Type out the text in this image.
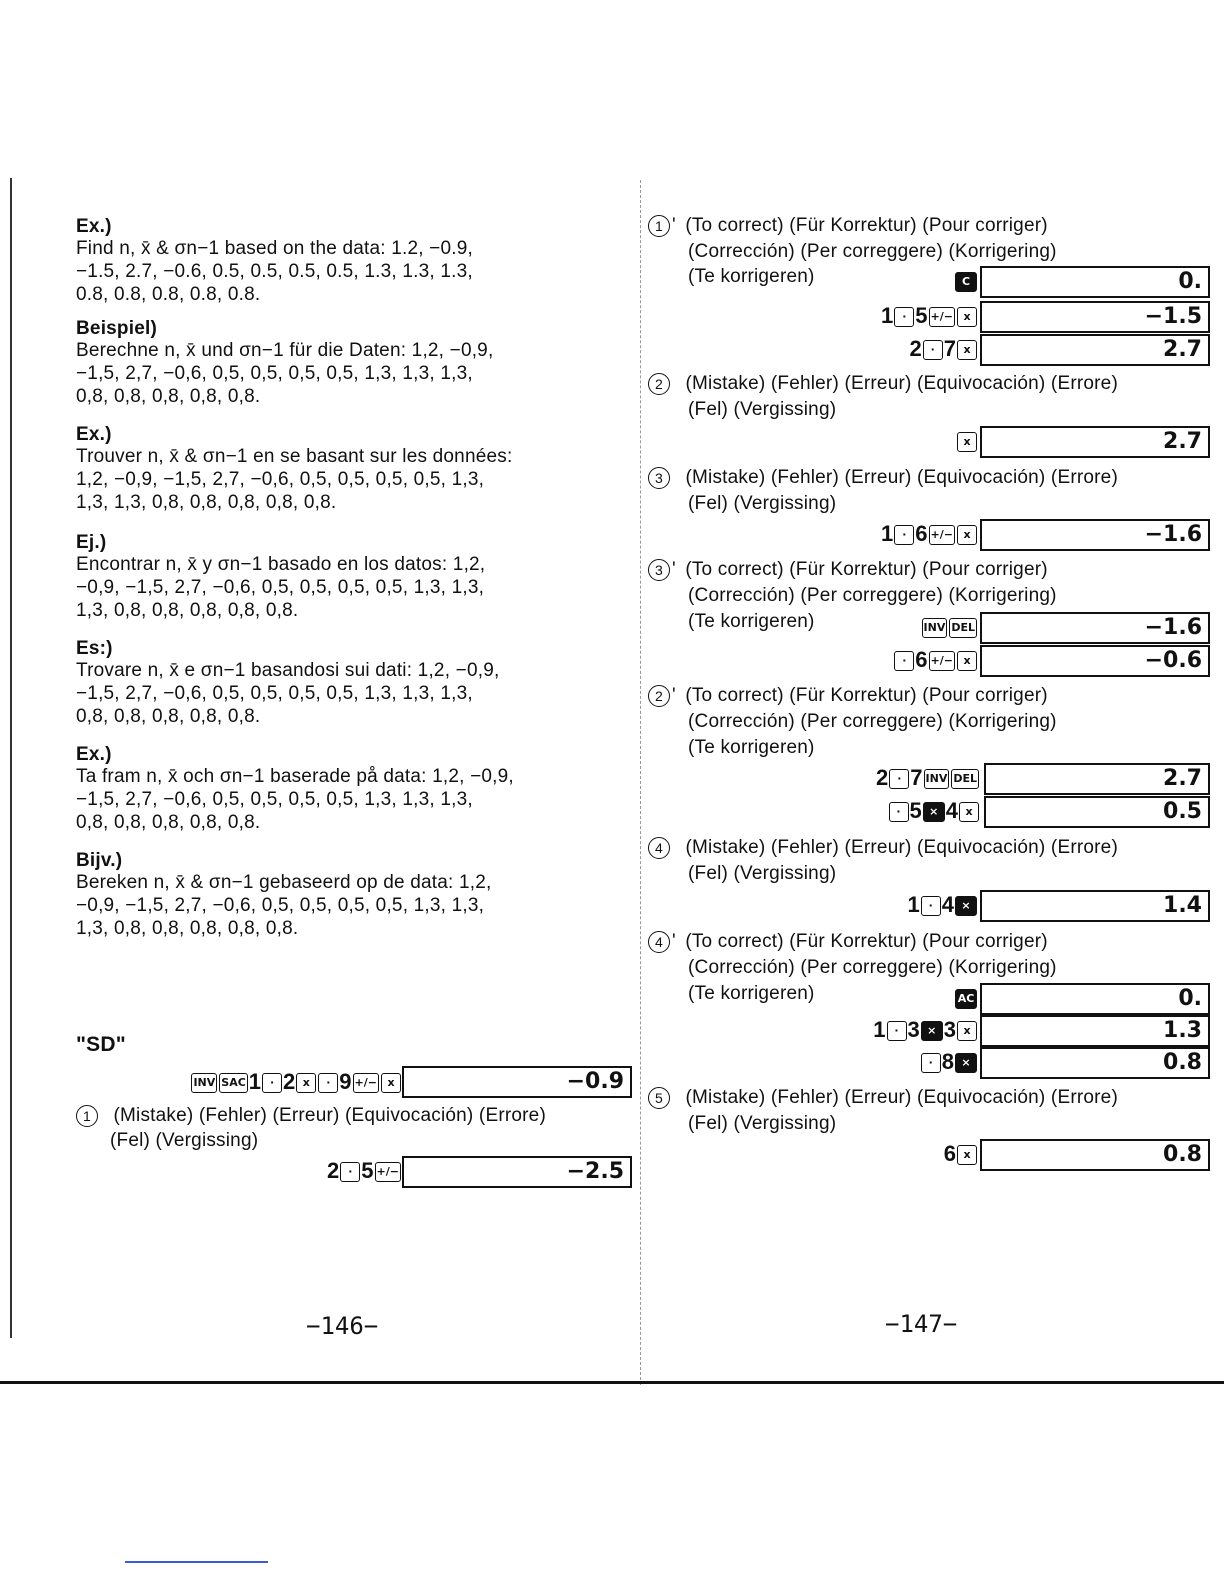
Ex.)
Find n, x̄ & σn−1 based on the data: 1.2, −0.9,
−1.5, 2.7, −0.6, 0.5, 0.5, 0.5, 0.5, 1.3, 1.3, 1.3,
0.8, 0.8, 0.8, 0.8, 0.8.
Beispiel)
Berechne n, x̄ und σn−1 für die Daten: 1,2, −0,9,
−1,5, 2,7, −0,6, 0,5, 0,5, 0,5, 0,5, 1,3, 1,3, 1,3,
0,8, 0,8, 0,8, 0,8, 0,8.
Ex.)
Trouver n, x̄ & σn−1 en se basant sur les données:
1,2, −0,9, −1,5, 2,7, −0,6, 0,5, 0,5, 0,5, 0,5, 1,3,
1,3, 1,3, 0,8, 0,8, 0,8, 0,8, 0,8.
Ej.)
Encontrar n, x̄ y σn−1 basado en los datos: 1,2,
−0,9, −1,5, 2,7, −0,6, 0,5, 0,5, 0,5, 0,5, 1,3, 1,3,
1,3, 0,8, 0,8, 0,8, 0,8, 0,8.
Es:)
Trovare n, x̄ e σn−1 basandosi sui dati: 1,2, −0,9,
−1,5, 2,7, −0,6, 0,5, 0,5, 0,5, 0,5, 1,3, 1,3, 1,3,
0,8, 0,8, 0,8, 0,8, 0,8.
Ex.)
Ta fram n, x̄ och σn−1 baserade på data: 1,2, −0,9,
−1,5, 2,7, −0,6, 0,5, 0,5, 0,5, 0,5, 1,3, 1,3, 1,3,
0,8, 0,8, 0,8, 0,8, 0,8.
Bijv.)
Bereken n, x̄ & σn−1 gebaseerd op de data: 1,2,
−0,9, −1,5, 2,7, −0,6, 0,5, 0,5, 0,5, 0,5, 1,3, 1,3,
1,3, 0,8, 0,8, 0,8, 0,8, 0,8.
"SD"
INV SAC 1 · 2 x · 9 +/− x	−0.9
1 (Mistake) (Fehler) (Erreur) (Equivocación) (Errore)
(Fel) (Vergissing)
2 · 5 +/−	−2.5
−146−
1 ' (To correct) (Für Korrektur) (Pour corriger)
(Corrección) (Per correggere) (Korrigering)
(Te korrigeren)	C	0.
1 · 5 +/− x	−1.5
2 · 7 x	2.7
2 (Mistake) (Fehler) (Erreur) (Equivocación) (Errore)
(Fel) (Vergissing)
x	2.7
3 (Mistake) (Fehler) (Erreur) (Equivocación) (Errore)
(Fel) (Vergissing)
1 · 6 +/− x	−1.6
3 ' (To correct) (Für Korrektur) (Pour corriger)
(Corrección) (Per correggere) (Korrigering)
(Te korrigeren)	INV DEL	−1.6
· 6 +/− x	−0.6
2 ' (To correct) (Für Korrektur) (Pour corriger)
(Corrección) (Per correggere) (Korrigering)
(Te korrigeren)
2 · 7 INV DEL	2.7
· 5 × 4 x	0.5
4 (Mistake) (Fehler) (Erreur) (Equivocación) (Errore)
(Fel) (Vergissing)
1 · 4 ×	1.4
4 ' (To correct) (Für Korrektur) (Pour corriger)
(Corrección) (Per correggere) (Korrigering)
(Te korrigeren)	AC	0.
1 · 3 × 3 x	1.3
· 8 ×	0.8
5 (Mistake) (Fehler) (Erreur) (Equivocación) (Errore)
(Fel) (Vergissing)
6 x	0.8
−147−
